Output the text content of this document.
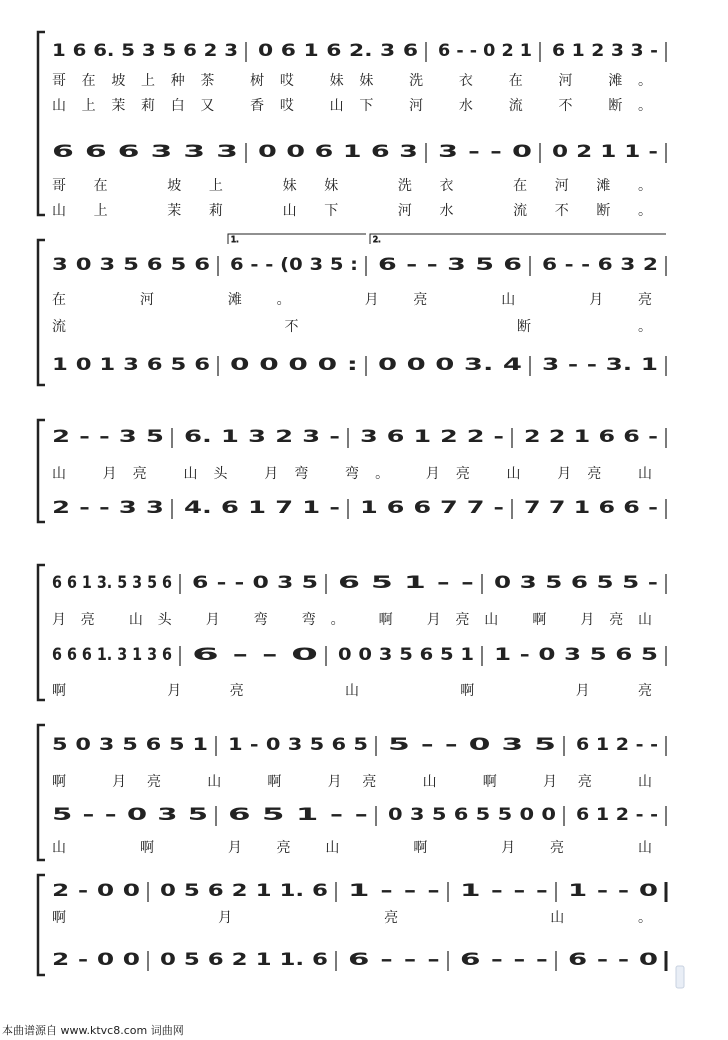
1 6 6. 5 3 5 6 2 3 0 6 1 6 2. 3 6 6 - - 0 2 1 6 1 2 3 3 -
6 6 6 3 3 3 0 0 6 1 6 3 3 - - 0 0 2 1 1 -
3 0 3 5 6 5 6 6 - - (0 3 5 : 6 - - 3 5 6 6 - - 6 3 2
1 0 1 3 6 5 6 0 0 0 0 : 0 0 0 3. 4 3 - - 3. 1
2 - - 3 5 6. 1 3 2 3 - 3 6 1 2 2 - 2 2 1 6 6 -
2 - - 3 3 4. 6 1 7 1 - 1 6 6 7 7 - 7 7 1 6 6 -
6 6 1 3. 5 3 5 6 6 - - 0 3 5 6 5 1 - - 0 3 5 6 5 5 -
6 6 6 1. 3 1 3 6 6 - - 0 0 0 3 5 6 5 1 1 - 0 3 5 6 5
5 0 3 5 6 5 1 1 - 0 3 5 6 5 5 - - 0 3 5 6 1 2 - -
5 - - 0 3 5 6 5 1 - - 0 3 5 6 5 5 0 0 6 1 2 - -
2 - 0 0 0 5 6 2 1 1. 6 1 - - - 1 - - - 1 - - 0
2 - 0 0 0 5 6 2 1 1. 6 6 - - - 6 - - - 6 - - 0
哥在坡上种茶 树哎 妹妹 洗 衣 在 河 滩。
山上茉莉白又 香哎 山下 河 水 流 不 断。
哥在 坡上 妹妹 洗衣 在河滩。
山上 茉莉 山下 河水 流不断。
在 河 滩。 月亮 山 月亮
流 不 断。
山 月亮 山头 月弯 弯。 月亮 山 月亮 山
月亮 山头 月 弯 弯。 啊 月亮山 啊 月亮山
啊 月亮 山 啊 月亮
啊 月亮 山 啊 月亮 山 啊 月亮 山
山 啊 月亮山 啊 月亮 山
啊 月 亮 山。
1.	2.
本曲谱源自 www.ktvc8.com 词曲网
